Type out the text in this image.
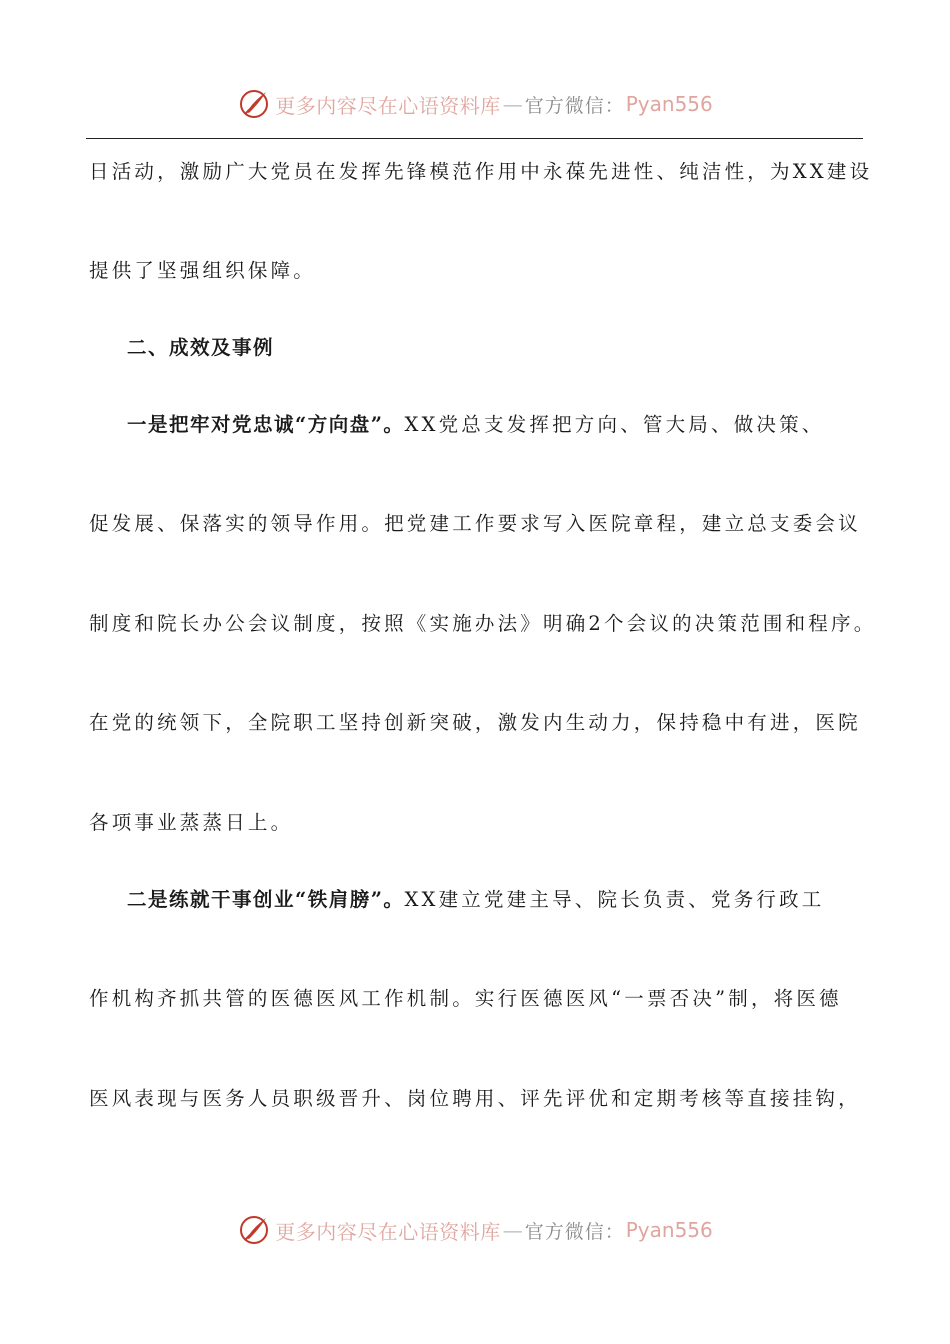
更多内容尽在心语资料库 — 官方微信 ： Pyan556
日活动，激励广大党员在发挥先锋模范作用中永葆先进性、纯洁性，为XX建设
提供了坚强组织保障。
二、成效及事例
一是把牢对党忠诚“方向盘”。XX党总支发挥把方向、管大局、做决策、
促发展、保落实的领导作用。把党建工作要求写入医院章程，建立总支委会议
制度和院长办公会议制度，按照《实施办法》明确2个会议的决策范围和程序。
在党的统领下，全院职工坚持创新突破，激发内生动力，保持稳中有进，医院
各项事业蒸蒸日上。
二是练就干事创业“铁肩膀”。XX建立党建主导、院长负责、党务行政工
作机构齐抓共管的医德医风工作机制。实行医德医风“一票否决”制，将医德
医风表现与医务人员职级晋升、岗位聘用、评先评优和定期考核等直接挂钩，
更多内容尽在心语资料库 — 官方微信 ： Pyan556
